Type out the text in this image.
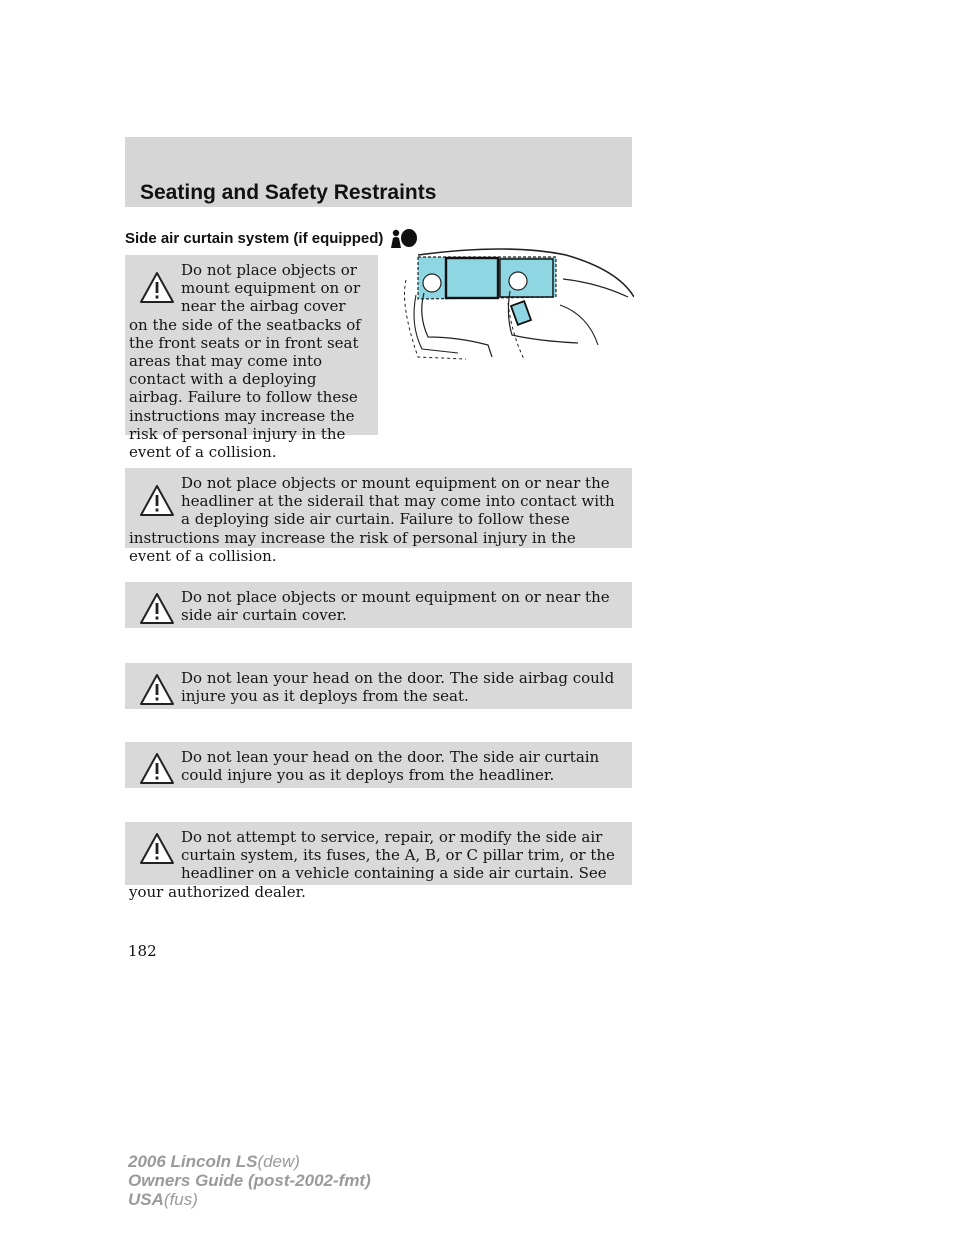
Seating and Safety Restraints
Side air curtain system (if equipped)

Do not place objects or mount equipment on or near the airbag cover on the side of the seatbacks of the front seats or in front seat areas that may come into contact with a deploying airbag. Failure to follow these instructions may increase the risk of personal injury in the event of a collision.

Do not place objects or mount equipment on or near the headliner at the siderail that may come into contact with a deploying side air curtain. Failure to follow these instructions may increase the risk of personal injury in the event of a collision.

Do not place objects or mount equipment on or near the side air curtain cover.

Do not lean your head on the door. The side airbag could injure you as it deploys from the seat.

Do not lean your head on the door. The side air curtain could injure you as it deploys from the headliner.

Do not attempt to service, repair, or modify the side air curtain system, its fuses, the A, B, or C pillar trim, or the headliner on a vehicle containing a side air curtain. See your authorized dealer.

182
2006 Lincoln LS(dew)
Owners Guide (post-2002-fmt)
USA(fus)
